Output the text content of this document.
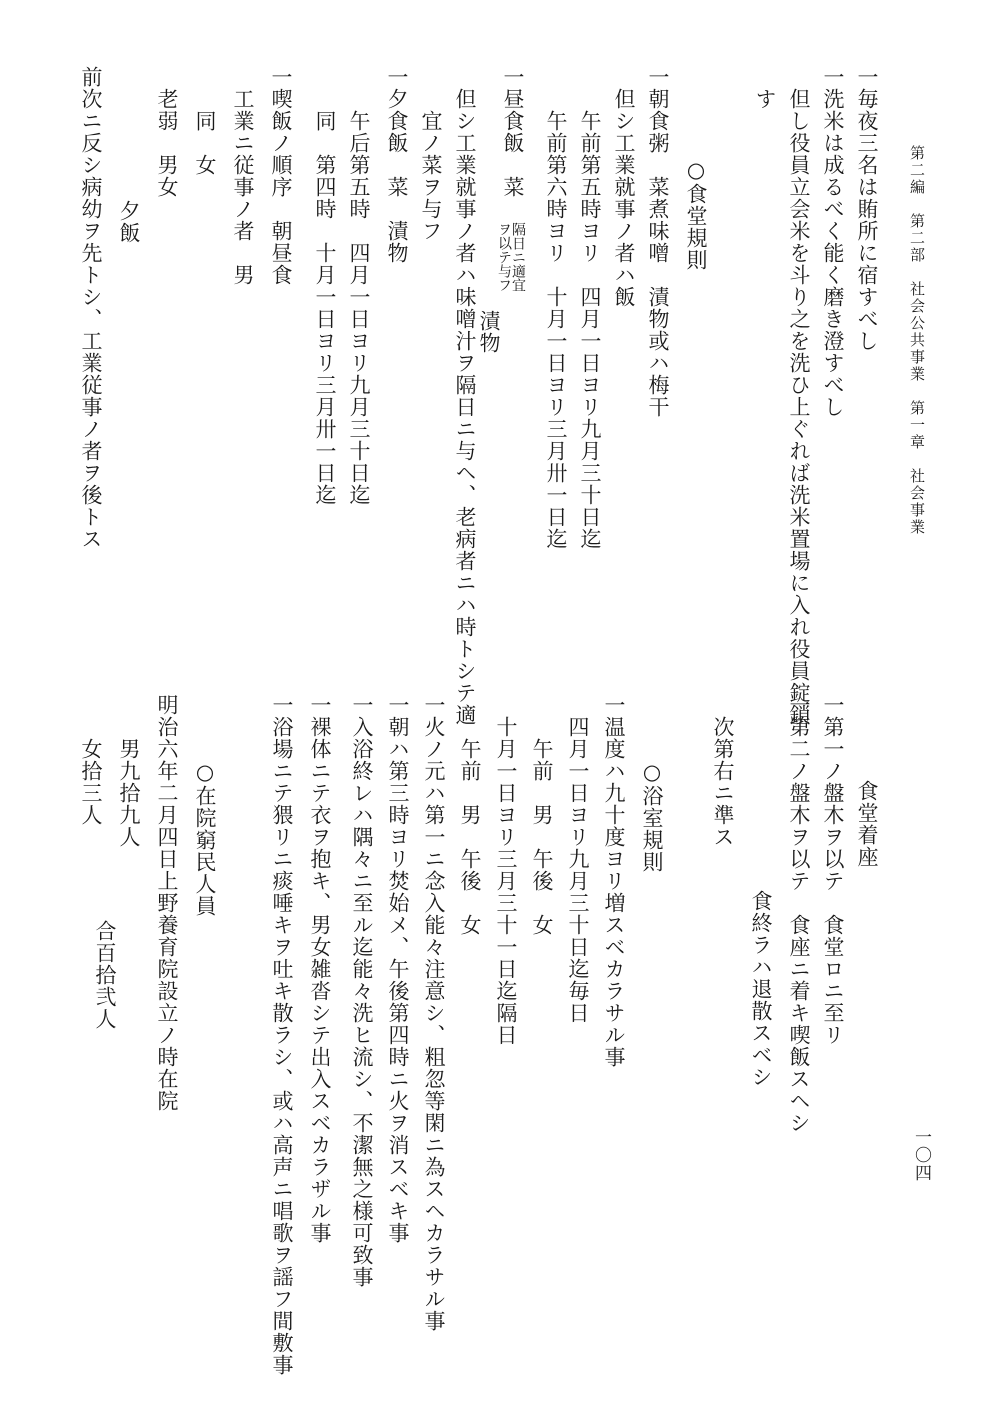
第二編　第二部　社会公共事業　第一章　社会事業
一〇四
一毎夜三名は賄所に宿すべし
一洗米は成るべく能く磨き澄すべし
但し役員立会米を斗り之を洗ひ上ぐれば洗米置場に入れ役員錠鎖
す
○食堂規則
一朝食粥　菜煮味噌　漬物或ハ梅干
但シ工業就事ノ者ハ飯
午前第五時ヨリ　四月一日ヨリ九月三十日迄
午前第六時ヨリ　十月一日ヨリ三月卅一日迄
一昼食飯　菜
隔日ニ適宜
ヲ以テ与フ
漬物
但シ工業就事ノ者ハ味噌汁ヲ隔日ニ与ヘ、老病者ニハ時トシテ適
宜ノ菜ヲ与フ
一夕食飯　菜　漬物
午后第五時　四月一日ヨリ九月三十日迄
同　第四時　十月一日ヨリ三月卅一日迄
一喫飯ノ順序　朝昼食
工業ニ従事ノ者　男
同　女
老弱　男女
夕飯
前次ニ反シ病幼ヲ先トシ、工業従事ノ者ヲ後トス
食堂着座
一第一ノ盤木ヲ以テ　食堂ロニ至リ
一第二ノ盤木ヲ以テ　食座ニ着キ喫飯スヘシ
食終ラハ退散スベシ
次第右ニ準ス
○浴室規則
一温度ハ九十度ヨリ増スベカラサル事
四月一日ヨリ九月三十日迄毎日
午前　男　午後　女
十月一日ヨリ三月三十一日迄隔日
午前　男　午後　女
一火ノ元ハ第一ニ念入能々注意シ、粗忽等閑ニ為スヘカラサル事
一朝ハ第三時ヨリ焚始メ、午後第四時ニ火ヲ消スベキ事
一入浴終レハ隅々ニ至ル迄能々洗ヒ流シ、不潔無之様可致事
一裸体ニテ衣ヲ抱キ、男女雑沓シテ出入スベカラザル事
一浴場ニテ猥リニ痰唾キヲ吐キ散ラシ、或ハ高声ニ唱歌ヲ謡フ間敷事
○在院窮民人員
明治六年二月四日上野養育院設立ノ時在院
男九拾九人
女拾三人
合百拾弐人
